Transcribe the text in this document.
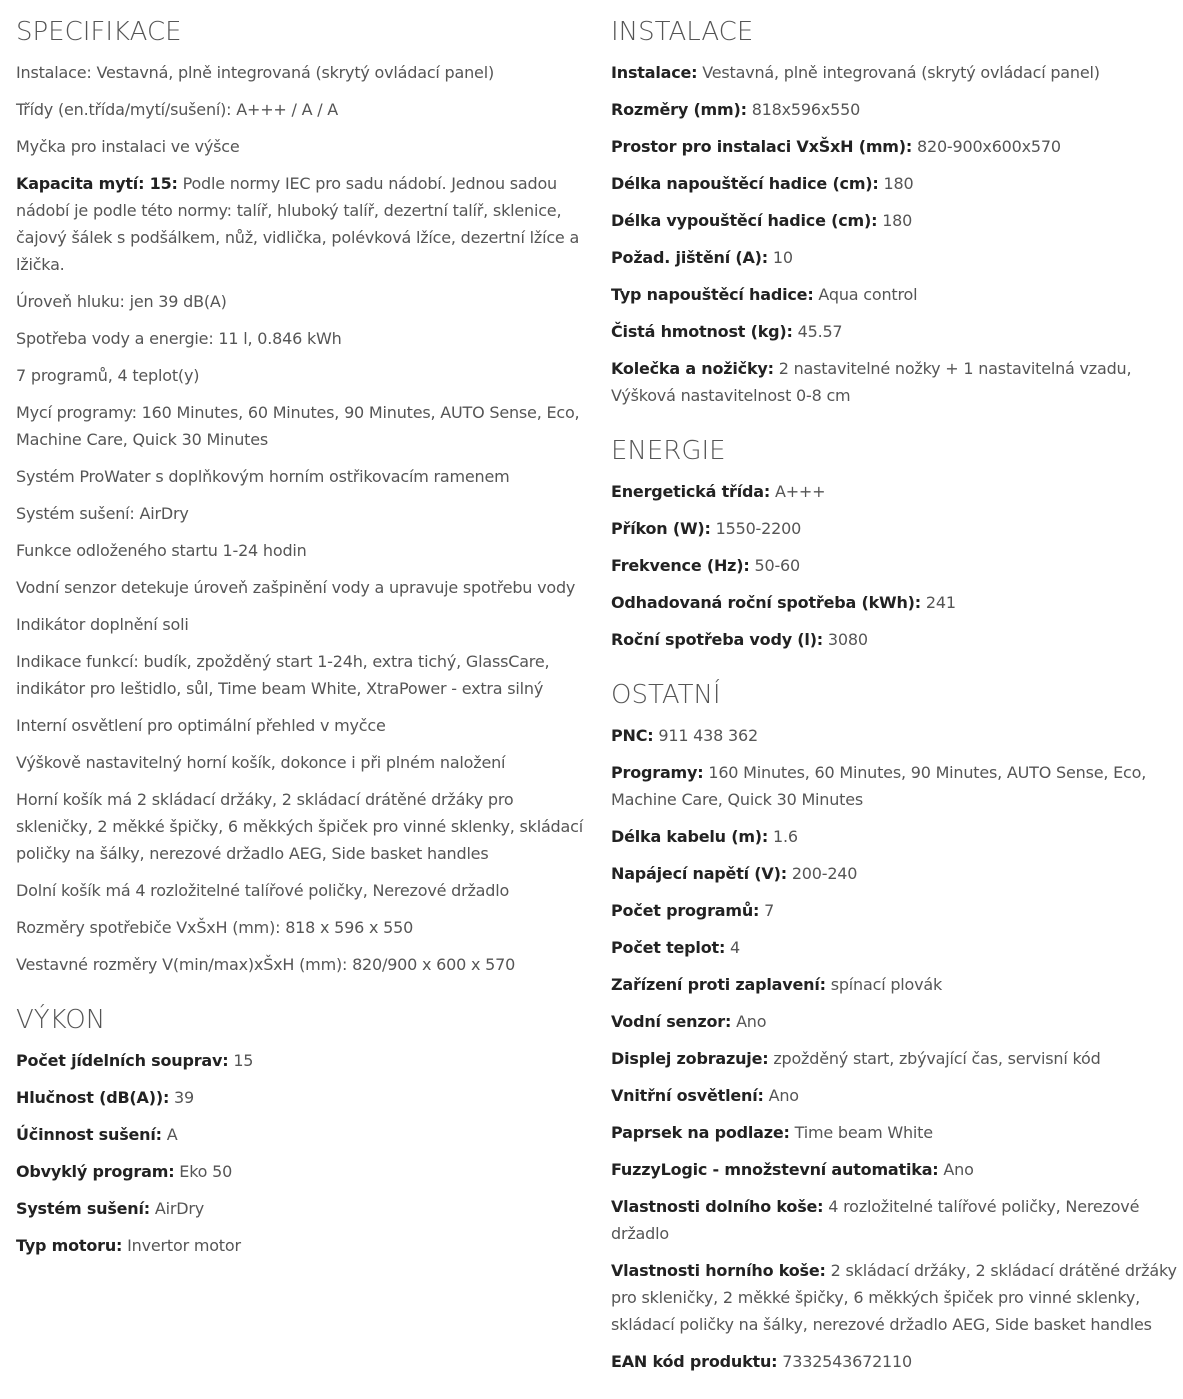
SPECIFIKACE

Instalace: Vestavná, plně integrovaná (skrytý ovládací panel)

Třídy (en.třída/mytí/sušení): A+++ / A / A

Myčka pro instalaci ve výšce

Kapacita mytí: 15: Podle normy IEC pro sadu nádobí. Jednou sadou nádobí je podle této normy: talíř, hluboký talíř, dezertní talíř, sklenice, čajový šálek s podšálkem, nůž, vidlička, polévková lžíce, dezertní lžíce a lžička.

Úroveň hluku: jen 39 dB(A)

Spotřeba vody a energie: 11 l, 0.846 kWh

7 programů, 4 teplot(y)

Mycí programy: 160 Minutes, 60 Minutes, 90 Minutes, AUTO Sense, Eco, Machine Care, Quick 30 Minutes

Systém ProWater s doplňkovým horním ostřikovacím ramenem

Systém sušení: AirDry

Funkce odloženého startu 1-24 hodin

Vodní senzor detekuje úroveň zašpinění vody a upravuje spotřebu vody

Indikátor doplnění soli

Indikace funkcí: budík, zpožděný start 1-24h, extra tichý, GlassCare, indikátor pro leštidlo, sůl, Time beam White, XtraPower - extra silný

Interní osvětlení pro optimální přehled v myčce

Výškově nastavitelný horní košík, dokonce i při plném naložení

Horní košík má 2 skládací držáky, 2 skládací drátěné držáky pro skleničky, 2 měkké špičky, 6 měkkých špiček pro vinné sklenky, skládací poličky na šálky, nerezové držadlo AEG, Side basket handles

Dolní košík má 4 rozložitelné talířové poličky, Nerezové držadlo

Rozměry spotřebiče VxŠxH (mm): 818 x 596 x 550

Vestavné rozměry V(min/max)xŠxH (mm): 820/900 x 600 x 570

VÝKON

Počet jídelních souprav: 15

Hlučnost (dB(A)): 39

Účinnost sušení: A

Obvyklý program: Eko 50

Systém sušení: AirDry

Typ motoru: Invertor motor

INSTALACE

Instalace: Vestavná, plně integrovaná (skrytý ovládací panel)

Rozměry (mm): 818x596x550

Prostor pro instalaci VxŠxH (mm): 820-900x600x570

Délka napouštěcí hadice (cm): 180

Délka vypouštěcí hadice (cm): 180

Požad. jištění (A): 10

Typ napouštěcí hadice: Aqua control

Čistá hmotnost (kg): 45.57

Kolečka a nožičky: 2 nastavitelné nožky + 1 nastavitelná vzadu, Výšková nastavitelnost 0-8 cm

ENERGIE

Energetická třída: A+++

Příkon (W): 1550-2200

Frekvence (Hz): 50-60

Odhadovaná roční spotřeba (kWh): 241

Roční spotřeba vody (l): 3080

OSTATNÍ

PNC: 911 438 362

Programy: 160 Minutes, 60 Minutes, 90 Minutes, AUTO Sense, Eco, Machine Care, Quick 30 Minutes

Délka kabelu (m): 1.6

Napájecí napětí (V): 200-240

Počet programů: 7

Počet teplot: 4

Zařízení proti zaplavení: spínací plovák

Vodní senzor: Ano

Displej zobrazuje: zpožděný start, zbývající čas, servisní kód

Vnitřní osvětlení: Ano

Paprsek na podlaze: Time beam White

FuzzyLogic - množstevní automatika: Ano

Vlastnosti dolního koše: 4 rozložitelné talířové poličky, Nerezové držadlo

Vlastnosti horního koše: 2 skládací držáky, 2 skládací drátěné držáky pro skleničky, 2 měkké špičky, 6 měkkých špiček pro vinné sklenky, skládací poličky na šálky, nerezové držadlo AEG, Side basket handles

EAN kód produktu: 7332543672110
